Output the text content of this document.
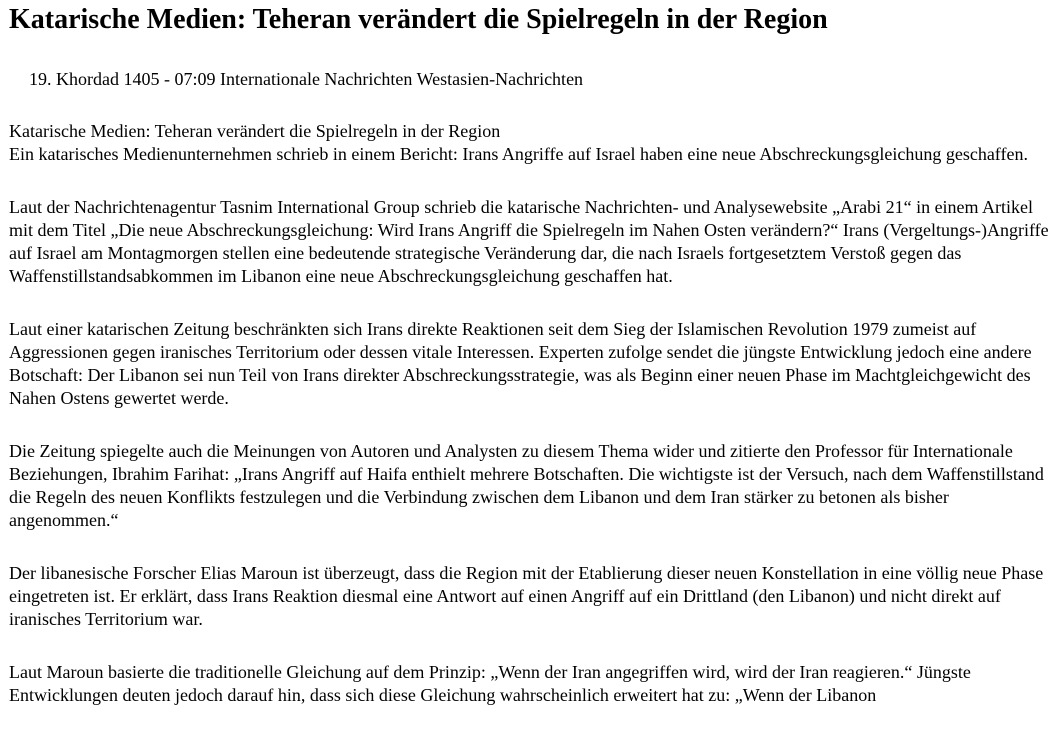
Katarische Medien: Teheran verändert die Spielregeln in der Region
19. Khordad 1405 - 07:09 Internationale Nachrichten Westasien-Nachrichten

Katarische Medien: Teheran verändert die Spielregeln in der Region
Ein katarisches Medienunternehmen schrieb in einem Bericht: Irans Angriffe auf Israel haben eine neue Abschreckungsgleichung geschaffen.

Laut der Nachrichtenagentur Tasnim International Group schrieb die katarische Nachrichten- und Analysewebsite „Arabi 21“ in einem Artikel mit dem Titel „Die neue Abschreckungsgleichung: Wird Irans Angriff die Spielregeln im Nahen Osten verändern?“ Irans (Vergeltungs-)Angriffe auf Israel am Montagmorgen stellen eine bedeutende strategische Veränderung dar, die nach Israels fortgesetztem Verstoß gegen das Waffenstillstandsabkommen im Libanon eine neue Abschreckungsgleichung geschaffen hat.

Laut einer katarischen Zeitung beschränkten sich Irans direkte Reaktionen seit dem Sieg der Islamischen Revolution 1979 zumeist auf Aggressionen gegen iranisches Territorium oder dessen vitale Interessen. Experten zufolge sendet die jüngste Entwicklung jedoch eine andere Botschaft: Der Libanon sei nun Teil von Irans direkter Abschreckungsstrategie, was als Beginn einer neuen Phase im Machtgleichgewicht des Nahen Ostens gewertet werde.

Die Zeitung spiegelte auch die Meinungen von Autoren und Analysten zu diesem Thema wider und zitierte den Professor für Internationale Beziehungen, Ibrahim Farihat: „Irans Angriff auf Haifa enthielt mehrere Botschaften. Die wichtigste ist der Versuch, nach dem Waffenstillstand die Regeln des neuen Konflikts festzulegen und die Verbindung zwischen dem Libanon und dem Iran stärker zu betonen als bisher angenommen.“

Der libanesische Forscher Elias Maroun ist überzeugt, dass die Region mit der Etablierung dieser neuen Konstellation in eine völlig neue Phase eingetreten ist. Er erklärt, dass Irans Reaktion diesmal eine Antwort auf einen Angriff auf ein Drittland (den Libanon) und nicht direkt auf iranisches Territorium war.

Laut Maroun basierte die traditionelle Gleichung auf dem Prinzip: „Wenn der Iran angegriffen wird, wird der Iran reagieren.“ Jüngste Entwicklungen deuten jedoch darauf hin, dass sich diese Gleichung wahrscheinlich erweitert hat zu: „Wenn der Libanon
